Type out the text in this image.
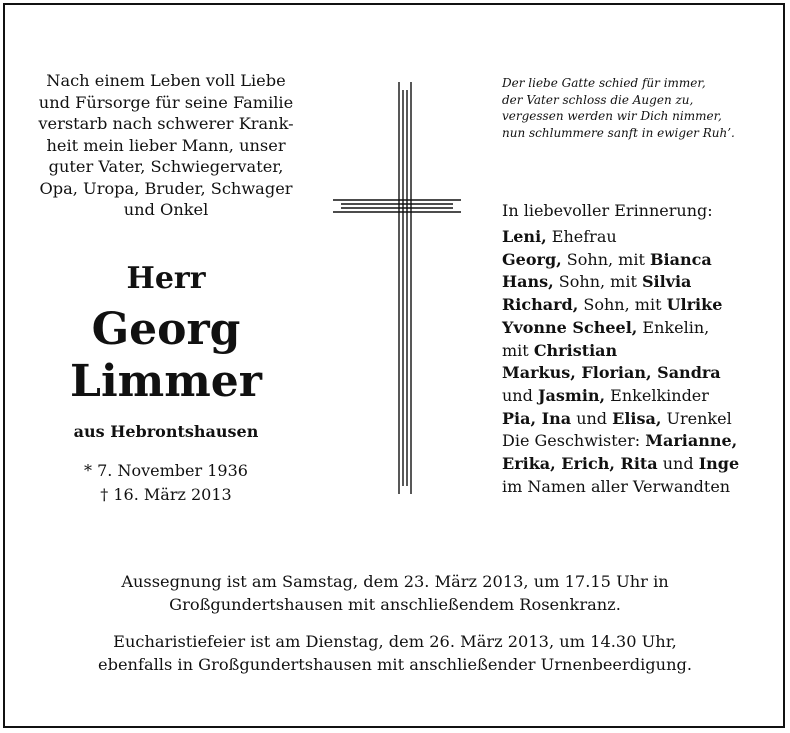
Nach einem Leben voll Liebe
und Fürsorge für seine Familie
verstarb nach schwerer Krank-
heit mein lieber Mann, unser
guter Vater, Schwiegervater,
Opa, Uropa, Bruder, Schwager
und Onkel
Herr
Georg
Limmer
aus Hebrontshausen
* 7. November 1936
† 16. März 2013
Der liebe Gatte schied für immer,
der Vater schloss die Augen zu,
vergessen werden wir Dich nimmer,
nun schlummere sanft in ewiger Ruh’.
In liebevoller Erinnerung:
Leni, Ehefrau
Georg, Sohn, mit Bianca
Hans, Sohn, mit Silvia
Richard, Sohn, mit Ulrike
Yvonne Scheel, Enkelin,
mit Christian
Markus, Florian, Sandra
und Jasmin, Enkelkinder
Pia, Ina und Elisa, Urenkel
Die Geschwister: Marianne,
Erika, Erich, Rita und Inge
im Namen aller Verwandten
Aussegnung ist am Samstag, dem 23. März 2013, um 17.15 Uhr in
Großgundertshausen mit anschließendem Rosenkranz.
Eucharistiefeier ist am Dienstag, dem 26. März 2013, um 14.30 Uhr,
ebenfalls in Großgundertshausen mit anschließender Urnenbeerdigung.
